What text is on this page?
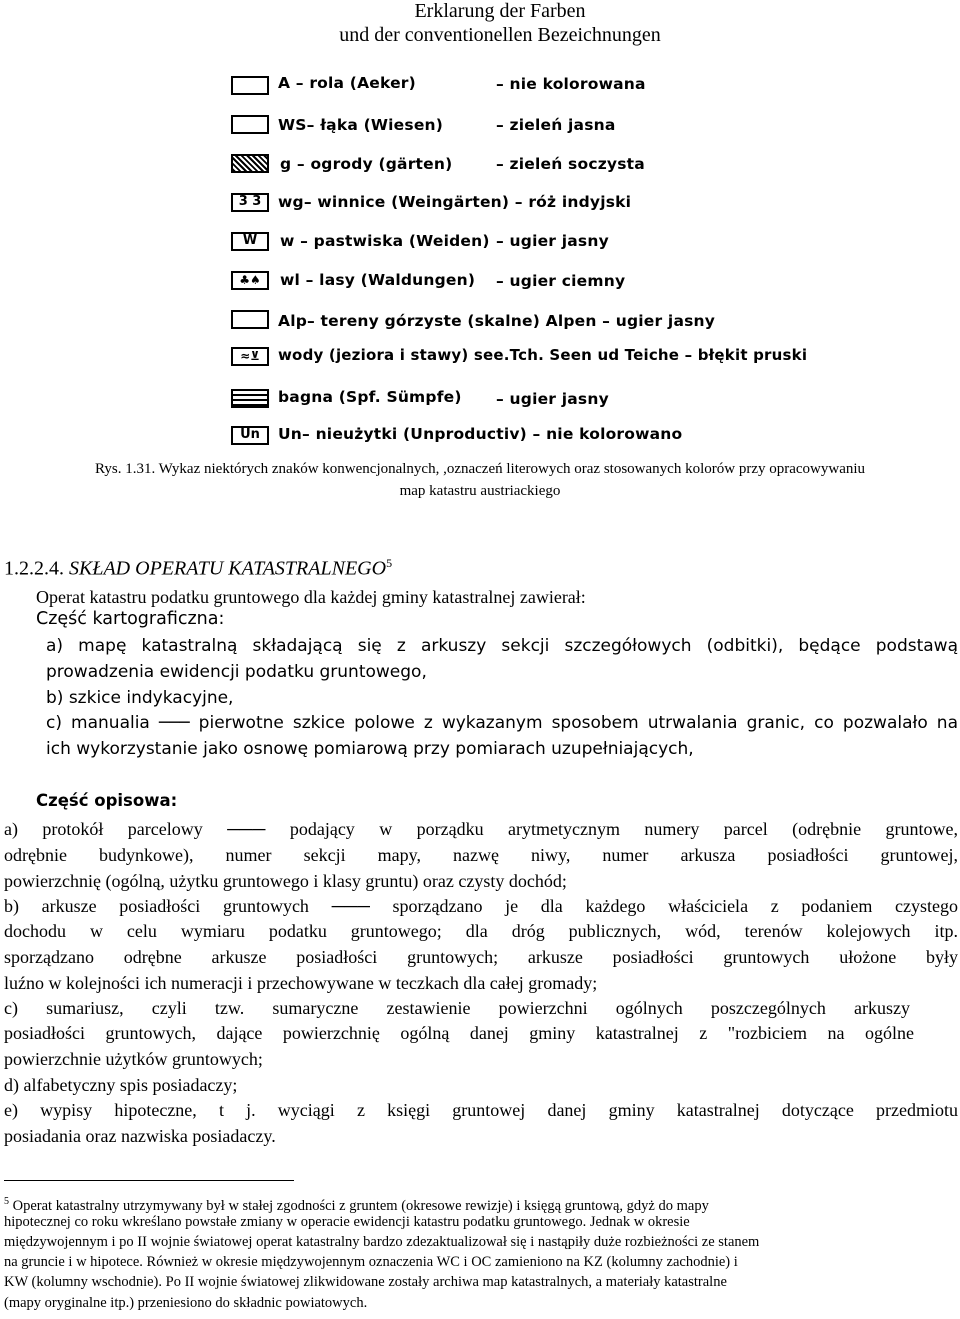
Erklarung der Farben
und der conventionellen Bezeichnungen
A – rola (Aeker)	– nie kolorowana
WS– łąka (Wiesen)	– zieleń jasna
g – ogrody (gärten)	– zieleń soczysta
3 3	wg– winnice (Weingärten) – róż indyjski
W	w – pastwiska (Weiden) – ugier jasny
♣♠	wl – lasy (Waldungen) – ugier ciemny
Alp– tereny górzyste (skalne) Alpen – ugier jasny
≈⊻	wody (jeziora i stawy) see.Tch. Seen ud Teiche – błękit pruski
bagna (Spf. Sümpfe) – ugier jasny
Un	Un– nieużytki (Unproductiv) – nie kolorowano
Rys. 1.31. Wykaz niektórych znaków konwencjonalnych, ,oznaczeń literowych oraz stosowanych kolorów przy opracowywaniu
map katastru austriackiego
1.2.2.4. SKŁAD OPERATU KATASTRALNEGO$^5$
Operat katastru podatku gruntowego dla każdej gminy katastralnej zawierał:
Część kartograficzna:
a) mapę katastralną składającą się z arkuszy sekcji szczegółowych (odbitki), będące podstawą
prowadzenia ewidencji podatku gruntowego,
b) szkice indykacyjne,
c) manualia ─── pierwotne szkice polowe z wykazanym sposobem utrwalania granic, co pozwalało na
ich wykorzystanie jako osnowę pomiarową przy pomiarach uzupełniających,
Część opisowa:
a) protokół parcelowy ─── podający w porządku arytmetycznym numery parcel (odrębnie gruntowe,
odrębnie budynkowe), numer sekcji mapy, nazwę niwy, numer arkusza posiadłości gruntowej,
powierzchnię (ogólną, użytku gruntowego i klasy gruntu) oraz czysty dochód;
b) arkusze posiadłości gruntowych ─── sporządzano je dla każdego właściciela z podaniem czystego
dochodu w celu wymiaru podatku gruntowego; dla dróg publicznych, wód, terenów kolejowych itp.
sporządzano odrębne arkusze posiadłości gruntowych; arkusze posiadłości gruntowych ułożone były
luźno w kolejności ich numeracji i przechowywane w teczkach dla całej gromady;
c) sumariusz, czyli tzw. sumaryczne zestawienie powierzchni ogólnych poszczególnych arkuszy
posiadłości gruntowych, dające powierzchnię ogólną danej gminy katastralnej z "rozbiciem na ogólne
powierzchnie użytków gruntowych;
d) alfabetyczny spis posiadaczy;
e) wypisy hipoteczne, t j. wyciągi z księgi gruntowej danej gminy katastralnej dotyczące przedmiotu
posiadania oraz nazwiska posiadaczy.
$^5$ Operat katastralny utrzymywany był w stałej zgodności z gruntem (okresowe rewizje) i księgą gruntową, gdyż do mapy
hipotecznej co roku wkreślano powstałe zmiany w operacie ewidencji katastru podatku gruntowego. Jednak w okresie
międzywojennym i po II wojnie światowej operat katastralny bardzo zdezaktualizował się i nastąpiły duże rozbieżności ze stanem
na gruncie i w hipotece. Również w okresie międzywojennym oznaczenia WC i OC zamieniono na KZ (kolumny zachodnie) i
KW (kolumny wschodnie). Po II wojnie światowej zlikwidowane zostały archiwa map katastralnych, a materiały katastralne
(mapy oryginalne itp.) przeniesiono do składnic powiatowych.
